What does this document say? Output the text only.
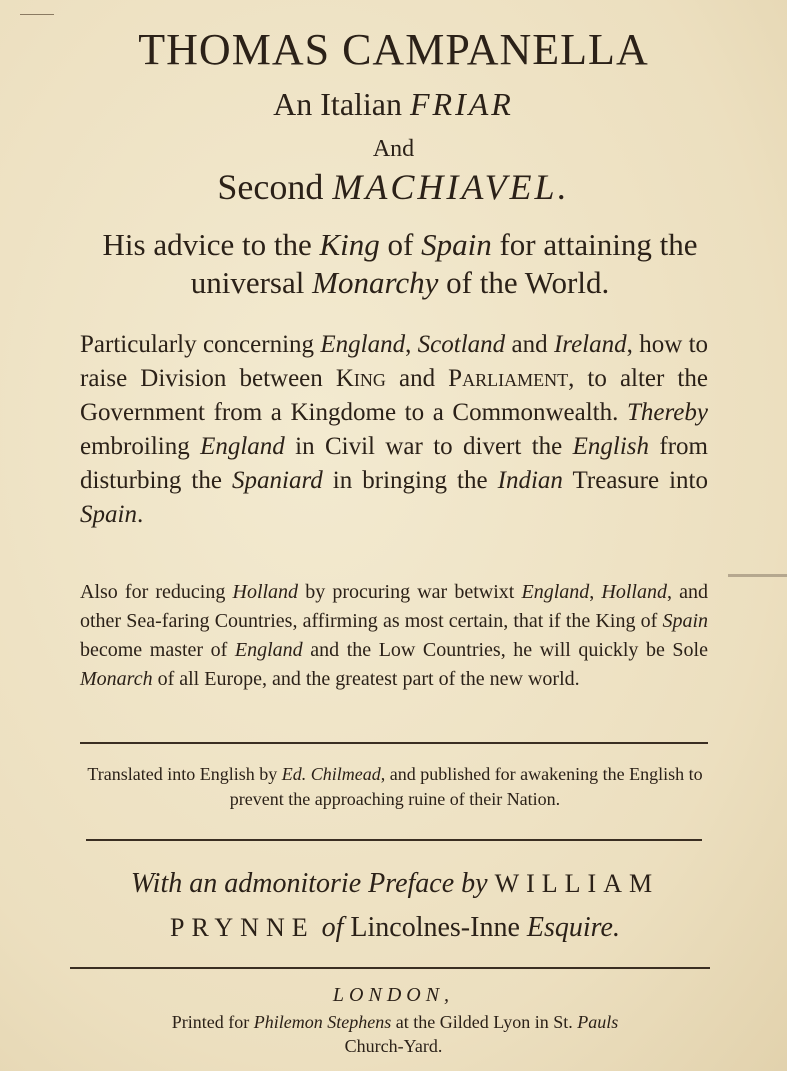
THOMAS CAMPANELLA
An Italian FRIAR
And
Second MACHIAVEL.
His advice to the King of Spain for attaining the universal Monarchy of the World.
Particularly concerning England, Scotland and Ireland, how to raise Division between King and Parliament, to alter the Government from a Kingdome to a Commonwealth. Thereby embroiling England in Civil war to divert the English from disturbing the Spaniard in bringing the Indian Treasure into Spain.
Also for reducing Holland by procuring war betwixt England, Holland, and other Sea-faring Countries, affirming as most certain, that if the King of Spain become master of England and the Low Countries, he will quickly be Sole Monarch of all Europe, and the greatest part of the new world.
Translated into English by Ed. Chilmead, and published for awakening the English to prevent the approaching ruine of their Nation.
With an admonitorie Preface by WILLIAM
PRYNNE of Lincolnes-Inne Esquire.
LONDON,
Printed for Philemon Stephens at the Gilded Lyon in St. Pauls
Church-Yard.
